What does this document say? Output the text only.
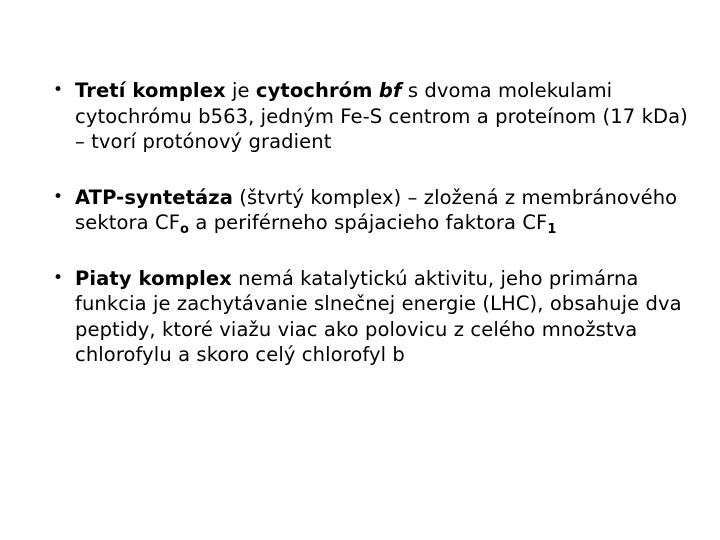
• Tretí komplex je cytochróm bf s dvoma molekulami cytochrómu b563, jedným Fe-S centrom a proteínom (17 kDa) – tvorí protónový gradient
• ATP-syntetáza (štvrtý komplex) – zložená z membránového sektora $CF_o$ a periférneho spájacieho faktora $CF_1$
• Piaty komplex nemá katalytickú aktivitu, jeho primárna funkcia je zachytávanie slnečnej energie (LHC), obsahuje dva peptidy, ktoré viažu viac ako polovicu z celého množstva chlorofylu a skoro celý chlorofyl b
